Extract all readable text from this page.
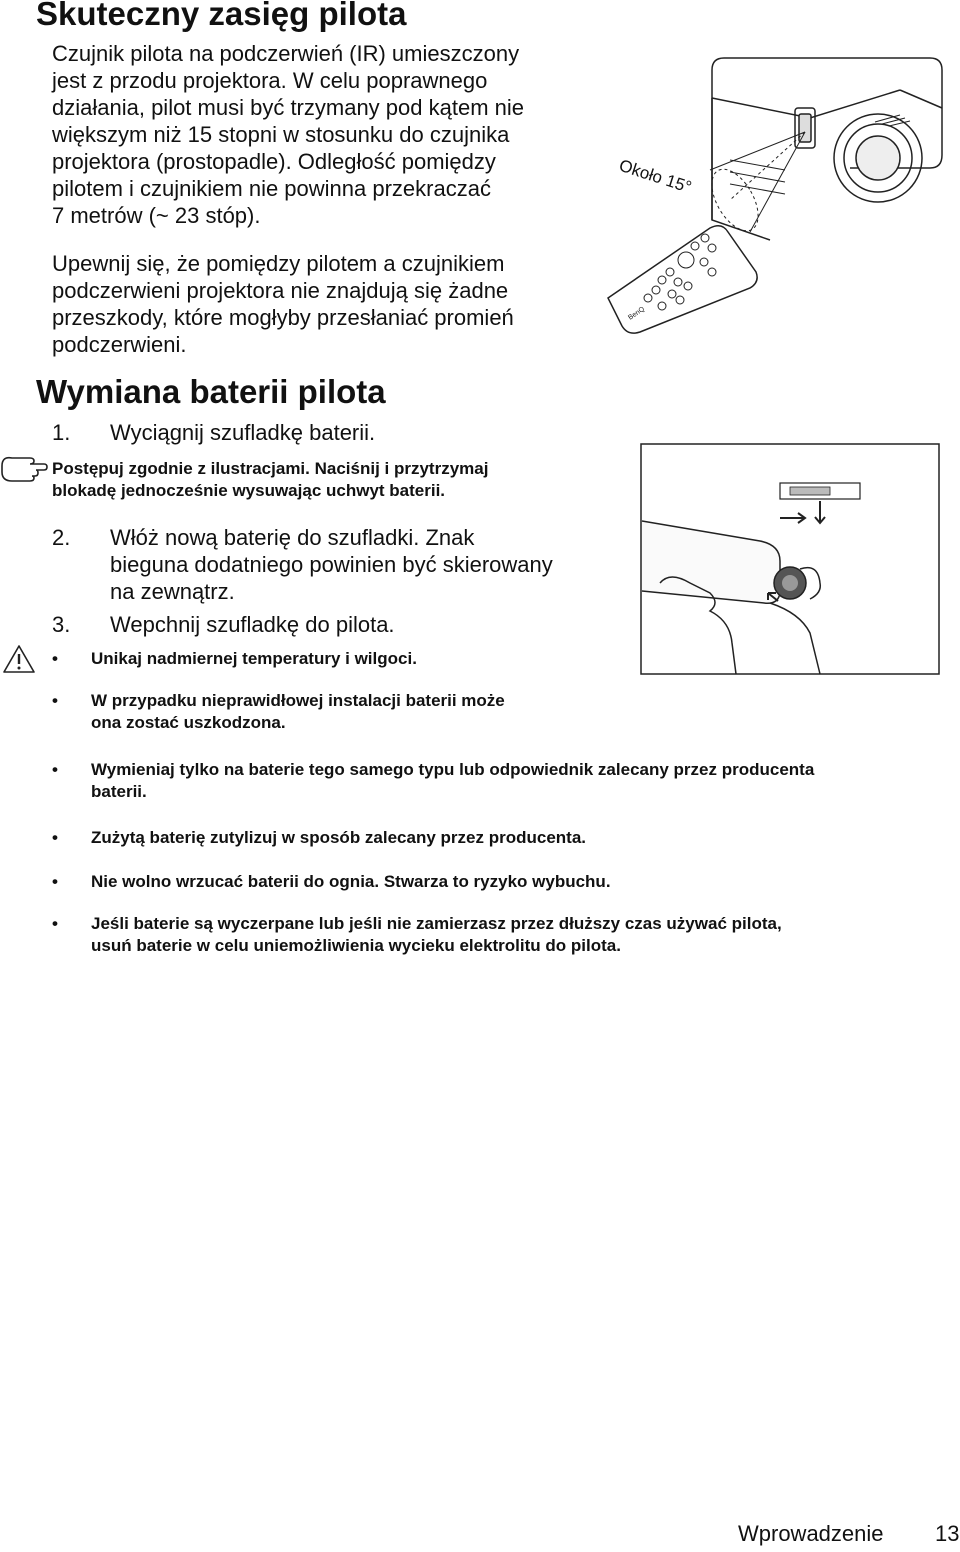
Skuteczny zasięg pilota

Czujnik pilota na podczerwień (IR) umieszczony

jest z przodu projektora. W celu poprawnego

działania, pilot musi być trzymany pod kątem nie

większym niż 15 stopni w stosunku do czujnika

projektora (prostopadle). Odległość pomiędzy

pilotem i czujnikiem nie powinna przekraczać

7 metrów (~ 23 stóp).

Upewnij się, że pomiędzy pilotem a czujnikiem

podczerwieni projektora nie znajdują się żadne

przeszkody, które mogłyby przesłaniać promień

podczerwieni.

Około 15°
BenQ
Wymiana baterii pilota
1.	Wyciągnij szufladkę baterii.

Postępuj zgodnie z ilustracjami. Naciśnij i przytrzymaj

blokadę jednocześnie wysuwając uchwyt baterii.

2.	Włóż nową baterię do szufladki. Znak
bieguna dodatniego powinien być skierowany
na zewnątrz.
3.	Wepchnij szufladkę do pilota.
•	Unikaj nadmiernej temperatury i wilgoci.
•	W przypadku nieprawidłowej instalacji baterii może
ona zostać uszkodzona.
•	Wymieniaj tylko na baterie tego samego typu lub odpowiednik zalecany przez producenta
baterii.
•	Zużytą baterię zutylizuj w sposób zalecany przez producenta.
•	Nie wolno wrzucać baterii do ognia. Stwarza to ryzyko wybuchu.
•	Jeśli baterie są wyczerpane lub jeśli nie zamierzasz przez dłuższy czas używać pilota,
usuń baterie w celu uniemożliwienia wycieku elektrolitu do pilota.
Wprowadzenie 13
